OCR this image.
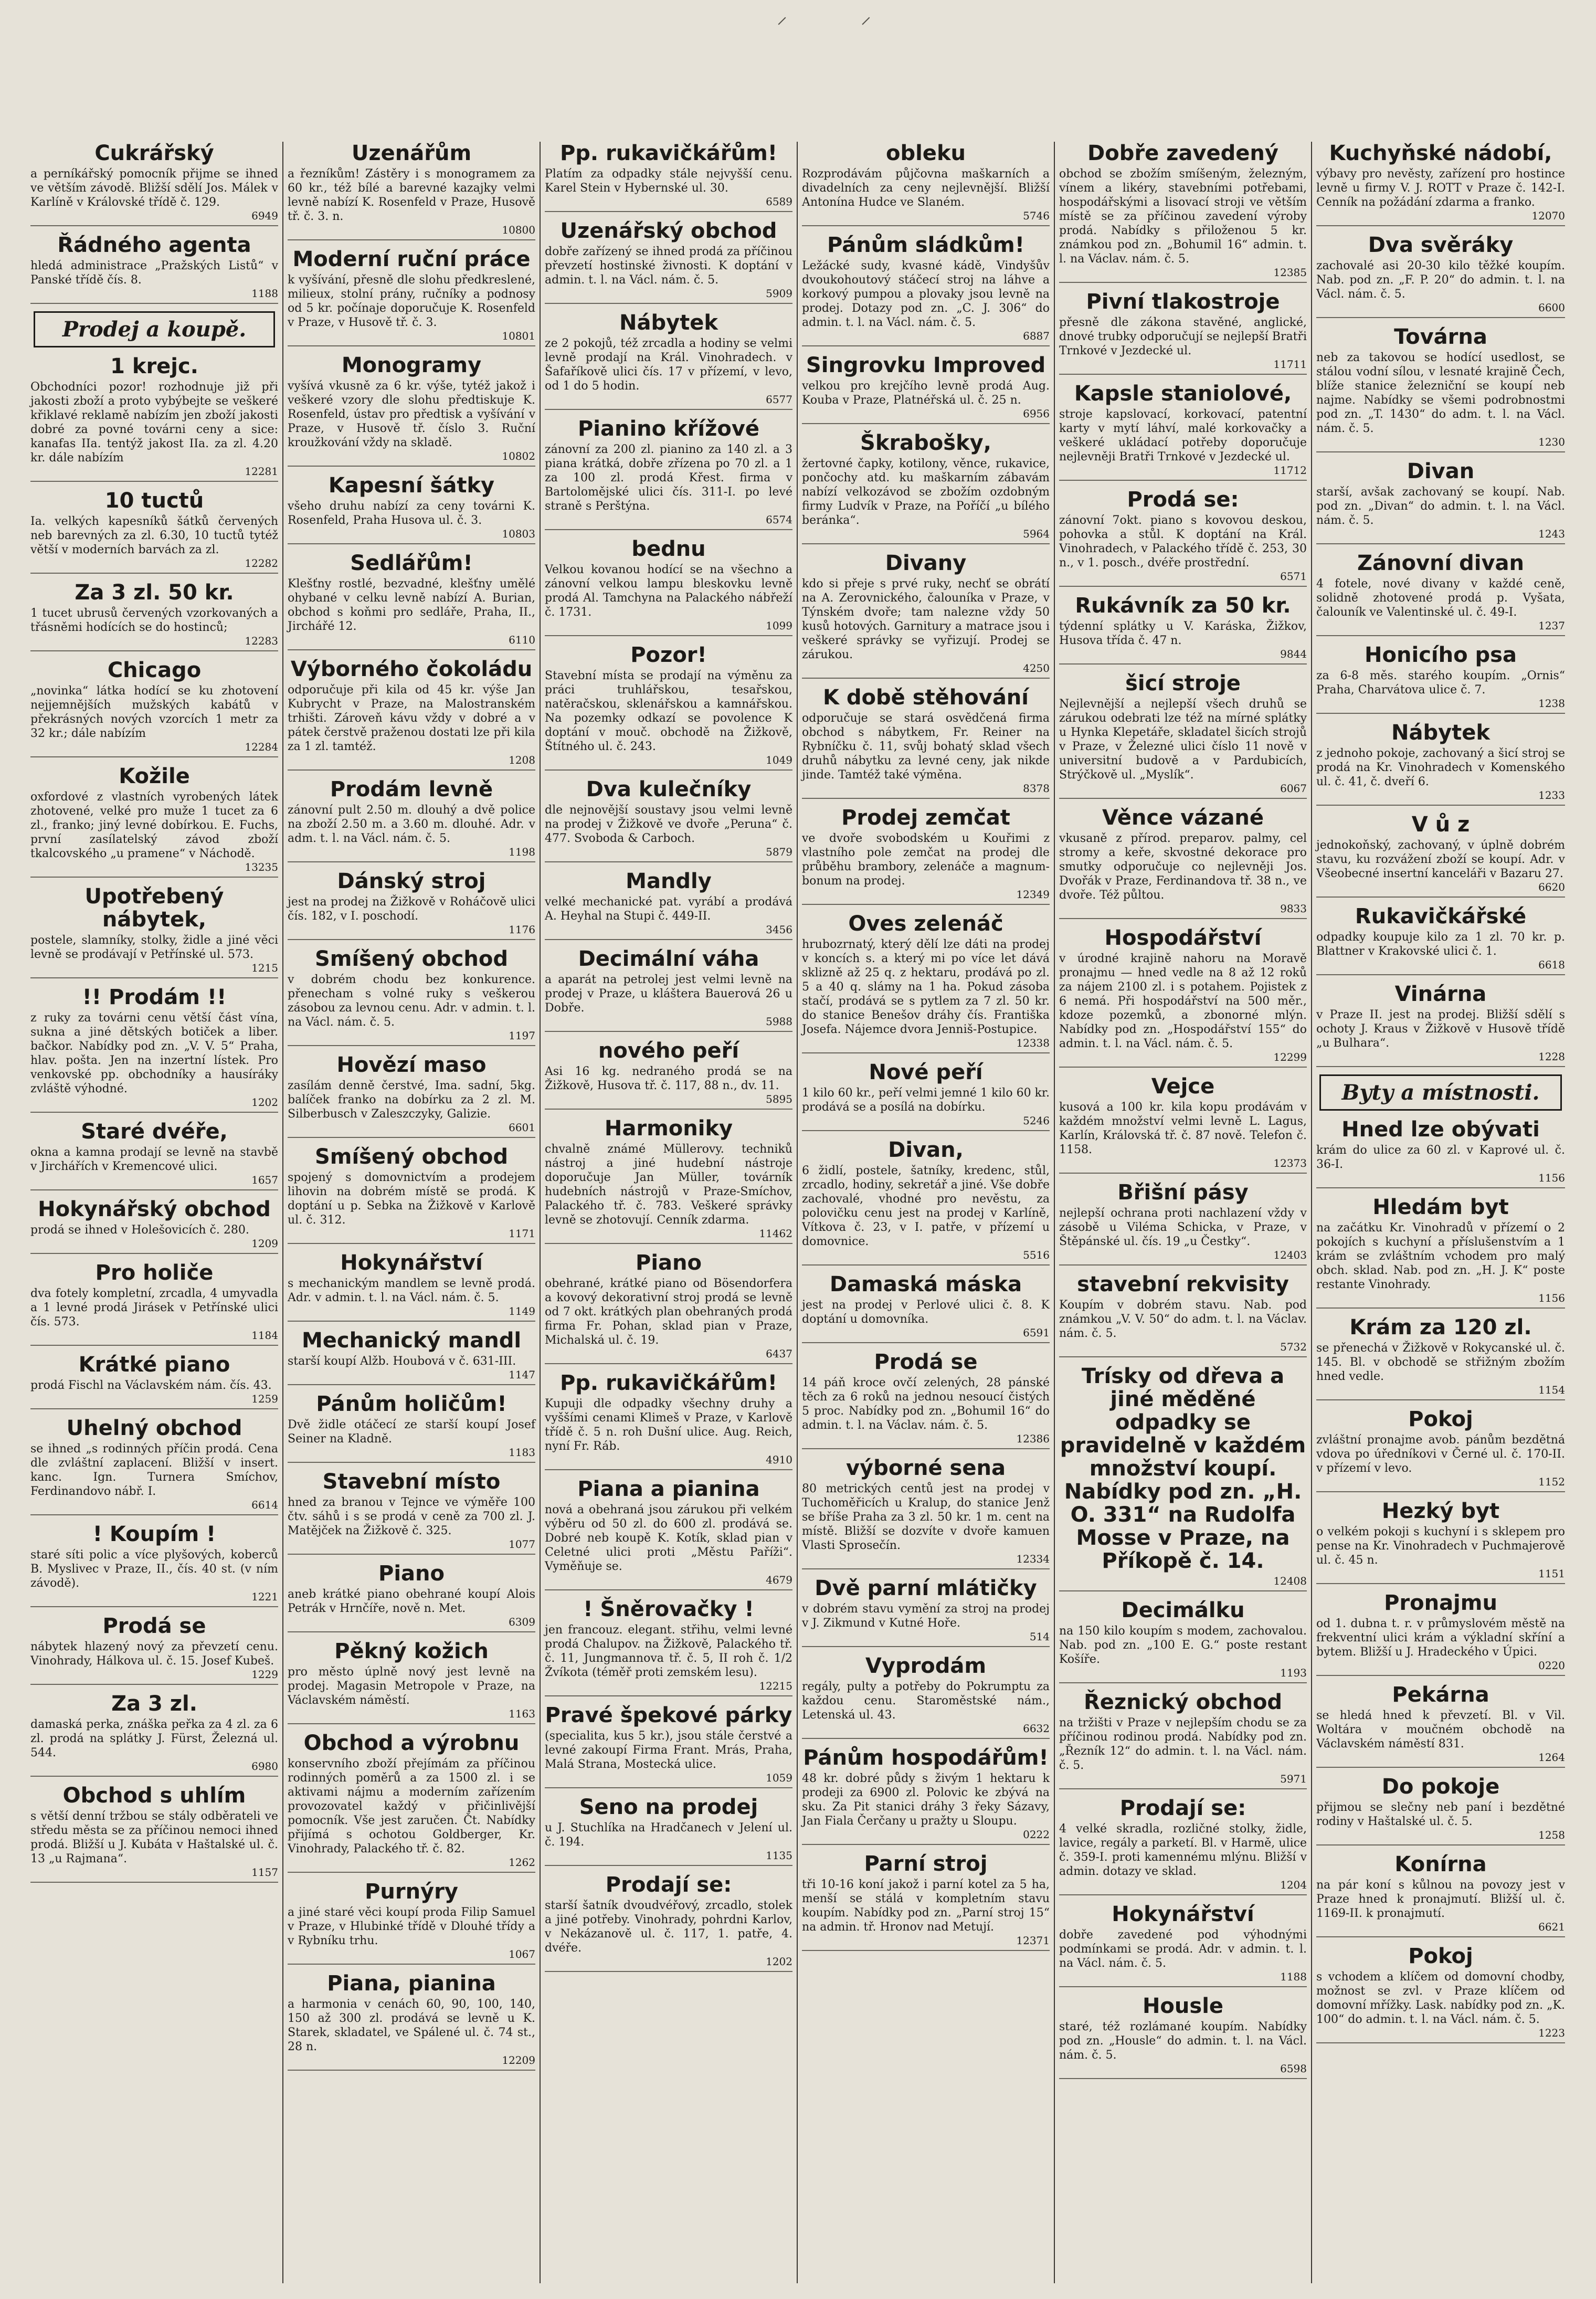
⸍           ⸍
Cukrářský

a perníkářský pomocník přijme se ihned ve větším závodě. Bližší sdělí Jos. Málek v Karlíně v Královské třídě č. 129.

6949
Řádného agenta

hledá administrace „Pražských Listů“ v Panské třídě čís. 8.

1188
Prodej a koupě.
1 krejc.

Obchodníci pozor! rozhodnuje již při jakosti zboží a proto vybýbejte se veškeré křiklavé reklamě nabízím jen zboží jakosti dobré za povné továrni ceny a sice: kanafas IIa. tentýž jakost IIa. za zl. 4.20 kr. dále nabízím

12281
10 tuctů

Ia. velkých kapesníků šátků červených neb barevných za zl. 6.30, 10 tuctů tytéž větší v moderních barvách za zl.

12282
Za 3 zl. 50 kr.

1 tucet ubrusů červených vzorkovaných a třásněmi hodících se do hostinců;

12283
Chicago

„novinka“ látka hodící se ku zhotovení nejjemnějších mužských kabátů v překrásných nových vzorcích 1 metr za 32 kr.; dále nabízím

12284
Kožile

oxfordové z vlastních vyrobených látek zhotovené, velké pro muže 1 tucet za 6 zl., franko; jiný levné dobírkou. E. Fuchs, první zasílatelský závod zboží tkalcovského „u pramene“ v Náchodě.

13235
Upotřebený nábytek,

postele, slamníky, stolky, židle a jiné věci levně se prodávají v Petřínské ul. 573.

1215
!! Prodám !!

z ruky za továrni cenu větší část vína, sukna a jiné dětských botiček a liber. bačkor. Nabídky pod zn. „V. V. 5“ Praha, hlav. pošta. Jen na inzertní lístek. Pro venkovské pp. obchodníky a hausíráky zvláště výhodné.

1202
Staré dvéře,

okna a kamna prodají se levně na stavbě v Jirchářích v Kremencové ulici.

1657
Hokynářský obchod

prodá se ihned v Holešovicích č. 280.

1209
Pro holiče

dva fotely kompletní, zrcadla, 4 umyvadla a 1 levné prodá Jirásek v Petřínské ulici čís. 573.

1184
Krátké piano

prodá Fischl na Václavském nám. čís. 43.

1259
Uhelný obchod

se ihned „s rodinných příčin prodá. Cena dle zvláštní zaplacení. Bližší v insert. kanc. Ign. Turnera Smíchov, Ferdinandovo nábř. I.

6614
! Koupím !

staré síti polic a více plyšových, koberců B. Myslivec v Praze, II., čís. 40 st. (v ním závodě).

1221
Prodá se

nábytek hlazený nový za převzetí cenu. Vinohrady, Hálkova ul. č. 15. Josef Kubeš.

1229
Za 3 zl.

damaská perka, znáška peřka za 4 zl. za 6 zl. prodá na splátky J. Fürst, Železná ul. 544.

6980
Obchod s uhlím

s větší denní tržbou se stály odběrateli ve středu města se za příčinou nemoci ihned prodá. Bližší u J. Kubáta v Haštalské ul. č. 13 „u Rajmana“.

1157
Uzenářům

a řezníkům! Zástěry i s monogramem za 60 kr., též bílé a barevné kazajky velmi levně nabízí K. Rosenfeld v Praze, Husově tř. č. 3. n.

10800
Moderní ruční práce

k vyšívání, přesně dle slohu předkreslené, milieux, stolní prány, ručníky a podnosy od 5 kr. počínaje doporučuje K. Rosenfeld v Praze, v Husově tř. č. 3.

10801
Monogramy

vyšívá vkusně za 6 kr. výše, tytéž jakož i veškeré vzory dle slohu předtiskuje K. Rosenfeld, ústav pro předtisk a vyšívání v Praze, v Husově tř. číslo 3. Ruční kroužkování vždy na skladě.

10802
Kapesní šátky

všeho druhu nabízí za ceny továrni K. Rosenfeld, Praha Husova ul. č. 3.

10803
Sedlářům!

Klešťny rostlé, bezvadné, klešťny umělé ohybané v celku levně nabízí A. Burian, obchod s koňmi pro sedláře, Praha, II., Jirchářé 12.

6110
Výborného čokoládu

odporučuje při kila od 45 kr. výše Jan Kubrycht v Praze, na Malostranském trhišti. Zároveň kávu vždy v dobré a v pátek čerstvě praženou dostati lze při kila za 1 zl. tamtéž.

1208
Prodám levně

zánovní pult 2.50 m. dlouhý a dvě police na zboží 2.50 m. a 3.60 m. dlouhé. Adr. v adm. t. l. na Václ. nám. č. 5.

1198
Dánský stroj

jest na prodej na Žižkově v Roháčově ulici čís. 182, v I. poschodí.

1176
Smíšený obchod

v dobrém chodu bez konkurence. přenecham s volné ruky s veškerou zásobou za levnou cenu. Adr. v admin. t. l. na Václ. nám. č. 5.

1197
Hovězí maso

zasílám denně čerstvé, Ima. sadní, 5kg. balíček franko na dobírku za 2 zl. M. Silberbusch v Zaleszczyky, Galizie.

6601
Smíšený obchod

spojený s domovnictvím a prodejem lihovin na dobrém místě se prodá. K doptání u p. Sebka na Žižkově v Karlově ul. č. 312.

1171
Hokynářství

s mechanickým mandlem se levně prodá. Adr. v admin. t. l. na Václ. nám. č. 5.

1149
Mechanický mandl

starší koupí Alžb. Houbová v č. 631-III.

1147
Pánům holičům!

Dvě židle otáčecí ze starší koupí Josef Seiner na Kladně.

1183
Stavební místo

hned za branou v Tejnce ve výměře 100 čtv. sáhů i s se prodá v ceně za 700 zl. J. Matějček na Žižkově č. 325.

1077
Piano

aneb krátké piano obehrané koupí Alois Petrák v Hrnčíře, nově n. Met.

6309
Pěkný kožich

pro město úplně nový jest levně na prodej. Magasin Metropole v Praze, na Václavském náměstí.

1163
Obchod a výrobnu

konservního zboží přejímám za příčinou rodinných poměrů a za 1500 zl. i se aktivami nájmu a moderním zařízením provozovatel každý v přičinlivější pomocník. Vše jest zaručen. Čt. Nabídky přijímá s ochotou Goldberger, Kr. Vinohrady, Palackého tř. č. 82.

1262
Purnýry

a jiné staré věci koupí proda Filip Samuel v Praze, v Hlubinké třídě v Dlouhé třídy a v Rybníku trhu.

1067
Piana, pianina

a harmonia v cenách 60, 90, 100, 140, 150 až 300 zl. prodává se levně u K. Starek, skladatel, ve Spálené ul. č. 74 st., 28 n.

12209
Pp. rukavičkářům!

Platím za odpadky stále nejvyšší cenu. Karel Stein v Hybernské ul. 30.

6589
Uzenářský obchod

dobře zařízený se ihned prodá za příčinou převzetí hostinské živnosti. K doptání v admin. t. l. na Václ. nám. č. 5.

5909
Nábytek

ze 2 pokojů, též zrcadla a hodiny se velmi levně prodají na Král. Vinohradech. v Šafaříkově ulici čís. 17 v přízemí, v levo, od 1 do 5 hodin.

6577
Pianino křížové

zánovní za 200 zl. pianino za 140 zl. a 3 piana krátká, dobře zřízena po 70 zl. a 1 za 100 zl. prodá Křest. firma v Bartolomějské ulici čís. 311-I. po levé straně s Perštýna.

6574
bednu

Velkou kovanou hodící se na všechno a zánovní velkou lampu bleskovku levně prodá Al. Tamchyna na Palackého nábřeží č. 1731.

1099
Pozor!

Stavební místa se prodají na výměnu za práci truhlářskou, tesařskou, natěračskou, sklenářskou a kamnářskou. Na pozemky odkazí se povolence K doptání v mouč. obchodě na Žižkově, Štítného ul. č. 243.

1049
Dva kulečníky

dle nejnovější soustavy jsou velmi levně na prodej v Žižkově ve dvoře „Peruna“ č. 477. Svoboda & Carboch.

5879
Mandly

velké mechanické pat. vyrábí a prodává A. Heyhal na Stupi č. 449-II.

3456
Decimální váha

a aparát na petrolej jest velmi levně na prodej v Praze, u kláštera Bauerová 26 u Dobře.

5988
nového peří

Asi 16 kg. nedraného prodá se na Žižkově, Husova tř. č. 117, 88 n., dv. 11.

5895
Harmoniky

chvalně známé Müllerovy. techniků nástroj a jiné hudební nástroje doporučuje Jan Müller, továrník hudebních nástrojů v Praze-Smíchov, Palackého tř. č. 783. Veškeré správky levně se zhotovují. Cenník zdarma.

11462
Piano

obehrané, krátké piano od Bösendorfera a kovový dekorativní stroj prodá se levně od 7 okt. krátkých plan obehraných prodá firma Fr. Pohan, sklad pian v Praze, Michalská ul. č. 19.

6437
Pp. rukavičkářům!

Kupuji dle odpadky všechny druhy a vyššími cenami Klimeš v Praze, v Karlově třídě č. 5 n. roh Dušní ulice. Aug. Reich, nyní Fr. Ráb.

4910
Piana a pianina

nová a obehraná jsou zárukou při velkém výběru od 50 zl. do 600 zl. prodává se. Dobré neb koupě K. Kotík, sklad pian v Celetné ulici proti „Městu Paříži“. Vyměňuje se.

4679
! Šněrovačky !

jen francouz. elegant. střihu, velmi levné prodá Chalupov. na Žižkově, Palackého tř. č. 11, Jungmannova tř. č. 5, II roh č. 1/2 Žvíkota (téměř proti zemském lesu).

12215
Pravé špekové párky

(specialita, kus 5 kr.), jsou stále čerstvé a levné zakoupí Firma Frant. Mrás, Praha, Malá Strana, Mostecká ulice.

1059
Seno na prodej

u J. Stuchlíka na Hradčanech v Jelení ul. č. 194.

1135
Prodají se:

starší šatník dvoudvéřový, zrcadlo, stolek a jiné potřeby. Vinohrady, pohrdni Karlov, v Nekázanově ul. č. 117, 1. patře, 4. dvéře.

1202
obleku

Rozprodávám půjčovna maškarních a divadelních za ceny nejlevnější. Bližší Antonína Hudce ve Slaném.

5746
Pánům sládkům!

Ležácké sudy, kvasné kádě, Vindyšův dvoukohoutový stáčecí stroj na láhve a korkový pumpou a plovaky jsou levně na prodej. Dotazy pod zn. „C. J. 306“ do admin. t. l. na Václ. nám. č. 5.

6887
Singrovku Improved

velkou pro krejčího levně prodá Aug. Kouba v Praze, Platnéřská ul. č. 25 n.

6956
Škraboškу,

žertovné čapky, kotilony, věnce, rukavice, pončochy atd. ku maškarním zábavám nabízí velkozávod se zbožím ozdobným firmy Ludvík v Praze, na Poříčí „u bílého beránka“.

5964
Divany

kdo si přeje s prvé ruky, nechť se obrátí na A. Zerovnického, čalouníka v Praze, v Týnském dvoře; tam nalezne vždy 50 kusů hotových. Garnitury a matrace jsou i veškeré správky se vyřizují. Prodej se zárukou.

4250
K době stěhování

odporučuje se stará osvědčená firma obchod s nábytkem, Fr. Reiner na Rybníčku č. 11, svůj bohatý sklad všech druhů nábytku za levné ceny, jak nikde jinde. Tamtéž také výměna.

8378
Prodej zemčat

ve dvoře svobodském u Kouřimi z vlastního pole zemčat na prodej dle průběhu brambory, zelenáče a magnum-bonum na prodej.

12349
Oves zelenáč

hrubozrnatý, který dělí lze dáti na prodej v koncích s. a který mi po více let dává sklizně až 25 q. z hektaru, prodává po zl. 5 a 40 q. slámy na 1 ha. Pokud zásoba stačí, prodává se s pytlem za 7 zl. 50 kr. do stanice Benešov dráhy čís. Františka Josefa. Nájemce dvora Jenniš-Postupice.

12338
Nové peří

1 kilo 60 kr., peří velmi jemné 1 kilo 60 kr. prodává se a posílá na dobírku.

5246
Divan,

6 židlí, postele, šatníky, kredenc, stůl, zrcadlo, hodiny, sekretář a jiné. Vše dobře zachovalé, vhodné pro nevěstu, za polovičku cenu jest na prodej v Karlíně, Vítkova č. 23, v I. patře, v přízemí u domovnice.

5516
Damaská máska

jest na prodej v Perlové ulici č. 8. K doptání u domovníka.

6591
Prodá se

14 páň kroce ovčí zelených, 28 pánské těch za 6 roků na jednou nesoucí čistých 5 proc. Nabídky pod zn. „Bohumil 16“ do admin. t. l. na Václav. nám. č. 5.

12386
výborné sena

80 metrických centů jest na prodej v Tuchoměřicích u Kralup, do stanice Jenž se bříše Praha za 3 zl. 50 kr. 1 m. cent na místě. Bližší se dozvíte v dvoře kamuen Vlasti Sprosečín.

12334
Dvě parní mlátičky

v dobrém stavu vymění za stroj na prodej v J. Zikmund v Kutné Hoře.

514
Vyprodám

regály, pulty a potřeby do Pokrumptu za každou cenu. Staroměstské nám., Letenská ul. 43.

6632
Pánům hospodářům!

48 kr. dobré půdy s živým 1 hektaru k prodeji za 6900 zl. Polovic ke zbývá na sku. Za Pit stanici dráhy 3 řeky Sázavy, Jan Fiala Čerčany u pražty u Sloupu.

0222
Parní stroj

tři 10-16 koní jakož i parní kotel za 5 ha, menší se stálá v kompletním stavu koupím. Nabídky pod zn. „Parní stroj 15“ na admin. tř. Hronov nad Metují.

12371
Dobře zavedený

obchod se zbožím smíšeným, železným, vínem a likéry, stavebními potřebami, hospodářskými a lisovací stroji ve větším místě se za příčinou zavedení výroby prodá. Nabídky s přiloženou 5 kr. známkou pod zn. „Bohumil 16“ admin. t. l. na Václav. nám. č. 5.

12385
Pivní tlakostroje

přesně dle zákona stavěné, anglické, dnové trubky odporučují se nejlepší Bratři Trnkové v Jezdecké ul.

11711
Kapsle staniolové,

stroje kapslovací, korkovací, patentní karty v mytí láhví, malé korkovačky a veškeré ukládací potřeby doporučuje nejlevněji Bratři Trnkové v Jezdecké ul.

11712
Prodá se:

zánovní 7okt. piano s kovovou deskou, pohovka a stůl. K doptání na Král. Vinohradech, v Palackého třídě č. 253, 30 n., v 1. posch., dvéře prostřední.

6571
Rukávník za 50 kr.

týdenní splátky u V. Karáska, Žižkov, Husova třída č. 47 n.

9844
šicí stroje

Nejlevnější a nejlepší všech druhů se zárukou odebrati lze též na mírné splátky u Hynka Klepetáře, skladatel šicích strojů v Praze, v Železné ulici číslo 11 nově v universitní budově a v Pardubicích, Strýčkově ul. „Myslík“.

6067
Věnce vázané

vkusaně z přírod. preparov. palmy, cel stromy a keře, skvostné dekorace pro smutky odporučuje co nejlevněji Jos. Dvořák v Praze, Ferdinandova tř. 38 n., ve dvoře. Též půltou.

9833
Hospodářství

v úrodné krajině nahoru na Moravě pronajmu — hned vedle na 8 až 12 roků za nájem 2100 zl. i s potahem. Pojistek z 6 nemá. Při hospodářství na 500 měr., kdoze pozemků, a zbonorné mlýn. Nabídky pod zn. „Hospodářství 155“ do admin. t. l. na Václ. nám. č. 5.

12299
Vejce

kusová a 100 kr. kila kopu prodávám v každém množství velmi levně L. Lagus, Karlín, Královská tř. č. 87 nově. Telefon č. 1158.

12373
Břišní pásy

nejlepší ochrana proti nachlazení vždy v zásobě u Viléma Schicka, v Praze, v Štěpánské ul. čís. 19 „u Čestky“.

12403
stavební rekvisity

Koupím v dobrém stavu. Nab. pod známkou „V. V. 50“ do adm. t. l. na Václav. nám. č. 5.

5732
Trísky od dřeva a jiné měděné odpadky se pravidelně v každém množství koupí. Nabídky pod zn. „H. O. 331“ na Rudolfa Mosse v Praze, na Příkopě č. 14.
12408
Decimálku

na 150 kilo koupím s modem, zachovalou. Nab. pod zn. „100 E. G.“ poste restant Košíře.

1193
Řeznický obchod

na tržišti v Praze v nejlepším chodu se za příčinou rodinou prodá. Nabídky pod zn. „Řezník 12“ do admin. t. l. na Václ. nám. č. 5.

5971
Prodají se:

4 velké skradla, rozličné stolky, židle, lavice, regály a parketí. Bl. v Harmě, ulice č. 359-I. proti kamennému mlýnu. Bližší v admin. dotazy ve sklad.

1204
Hokynářství

dobře zavedené pod výhodnými podmínkami se prodá. Adr. v admin. t. l. na Václ. nám. č. 5.

1188
Housle

staré, též rozlámané koupím. Nabídky pod zn. „Housle“ do admin. t. l. na Václ. nám. č. 5.

6598
Kuchyňské nádobí,

výbavy pro nevěsty, zařízení pro hostince levně u firmy V. J. ROTT v Praze č. 142-I. Cenník na požádání zdarma a franko.

12070
Dva svěráky

zachovalé asi 20-30 kilo těžké koupím. Nab. pod zn. „F. P. 20“ do admin. t. l. na Václ. nám. č. 5.

6600
Továrna

neb za takovou se hodící usedlost, se stálou vodní sílou, v lesnaté krajině Čech, blíže stanice železniční se koupí neb najme. Nabídky se všemi podrobnostmi pod zn. „T. 1430“ do adm. t. l. na Václ. nám. č. 5.

1230
Divan

starší, avšak zachovaný se koupí. Nab. pod zn. „Divan“ do admin. t. l. na Václ. nám. č. 5.

1243
Zánovní divan

4 fotele, nové divany v každé ceně, solidně zhotovené prodá p. Vyšata, čalouník ve Valentinské ul. č. 49-I.

1237
Honicího psa

za 6-8 měs. starého koupím. „Ornis“ Praha, Charvátova ulice č. 7.

1238
Nábytek

z jednoho pokoje, zachovaný a šicí stroj se prodá na Kr. Vinohradech v Komenského ul. č. 41, č. dveří 6.

1233
V ů z

jednokoňský, zachovaný, v úplně dobrém stavu, ku rozvážení zboží se koupí. Adr. v Všeobecné insertní kanceláři v Bazaru 27.

6620
Rukavičkářské

odpadky koupuje kilo za 1 zl. 70 kr. p. Blattner v Krakovské ulici č. 1.

6618
Vinárna

v Praze II. jest na prodej. Bližší sdělí s ochoty J. Kraus v Žižkově v Husově třídě „u Bulhara“.

1228
Byty a místnosti.
Hned lze obývati

krám do ulice za 60 zl. v Kaprové ul. č. 36-I.

1156
Hledám byt

na začátku Kr. Vinohradů v přízemí o 2 pokojích s kuchyní a příslušenstvím a 1 krám se zvláštním vchodem pro malý obch. sklad. Nab. pod zn. „H. J. K“ poste restante Vinohrady.

1156
Krám za 120 zl.

se přenechá v Žižkově v Rokycanské ul. č. 145. Bl. v obchodě se střižným zbožím hned vedle.

1154
Pokoj

zvláštní pronajme avob. pánům bezdětná vdova po úředníkovi v Černé ul. č. 170-II. v přízemí v levo.

1152
Hezký byt

o velkém pokoji s kuchyní i s sklepem pro pense na Kr. Vinohradech v Puchmajerově ul. č. 45 n.

1151
Pronajmu

od 1. dubna t. r. v průmyslovém městě na frekventní ulici krám a výkladní skříní a bytem. Bližší u J. Hradeckého v Úpici.

0220
Pekárna

se hledá hned k převzetí. Bl. v Vil. Woltára v moučném obchodě na Václavském náměstí 831.

1264
Do pokoje

přijmou se slečny neb paní i bezdětné rodiny v Haštalské ul. č. 5.

1258
Konírna

na pár koní s kůlnou na povozy jest v Praze hned k pronajmutí. Bližší ul. č. 1169-II. k pronajmutí.

6621
Pokoj

s vchodem a klíčem od domovní chodby, možnost se zvl. v Praze klíčem od domovní mřížky. Lask. nabídky pod zn. „K. 100“ do admin. t. l. na Václ. nám. č. 5.

1223
